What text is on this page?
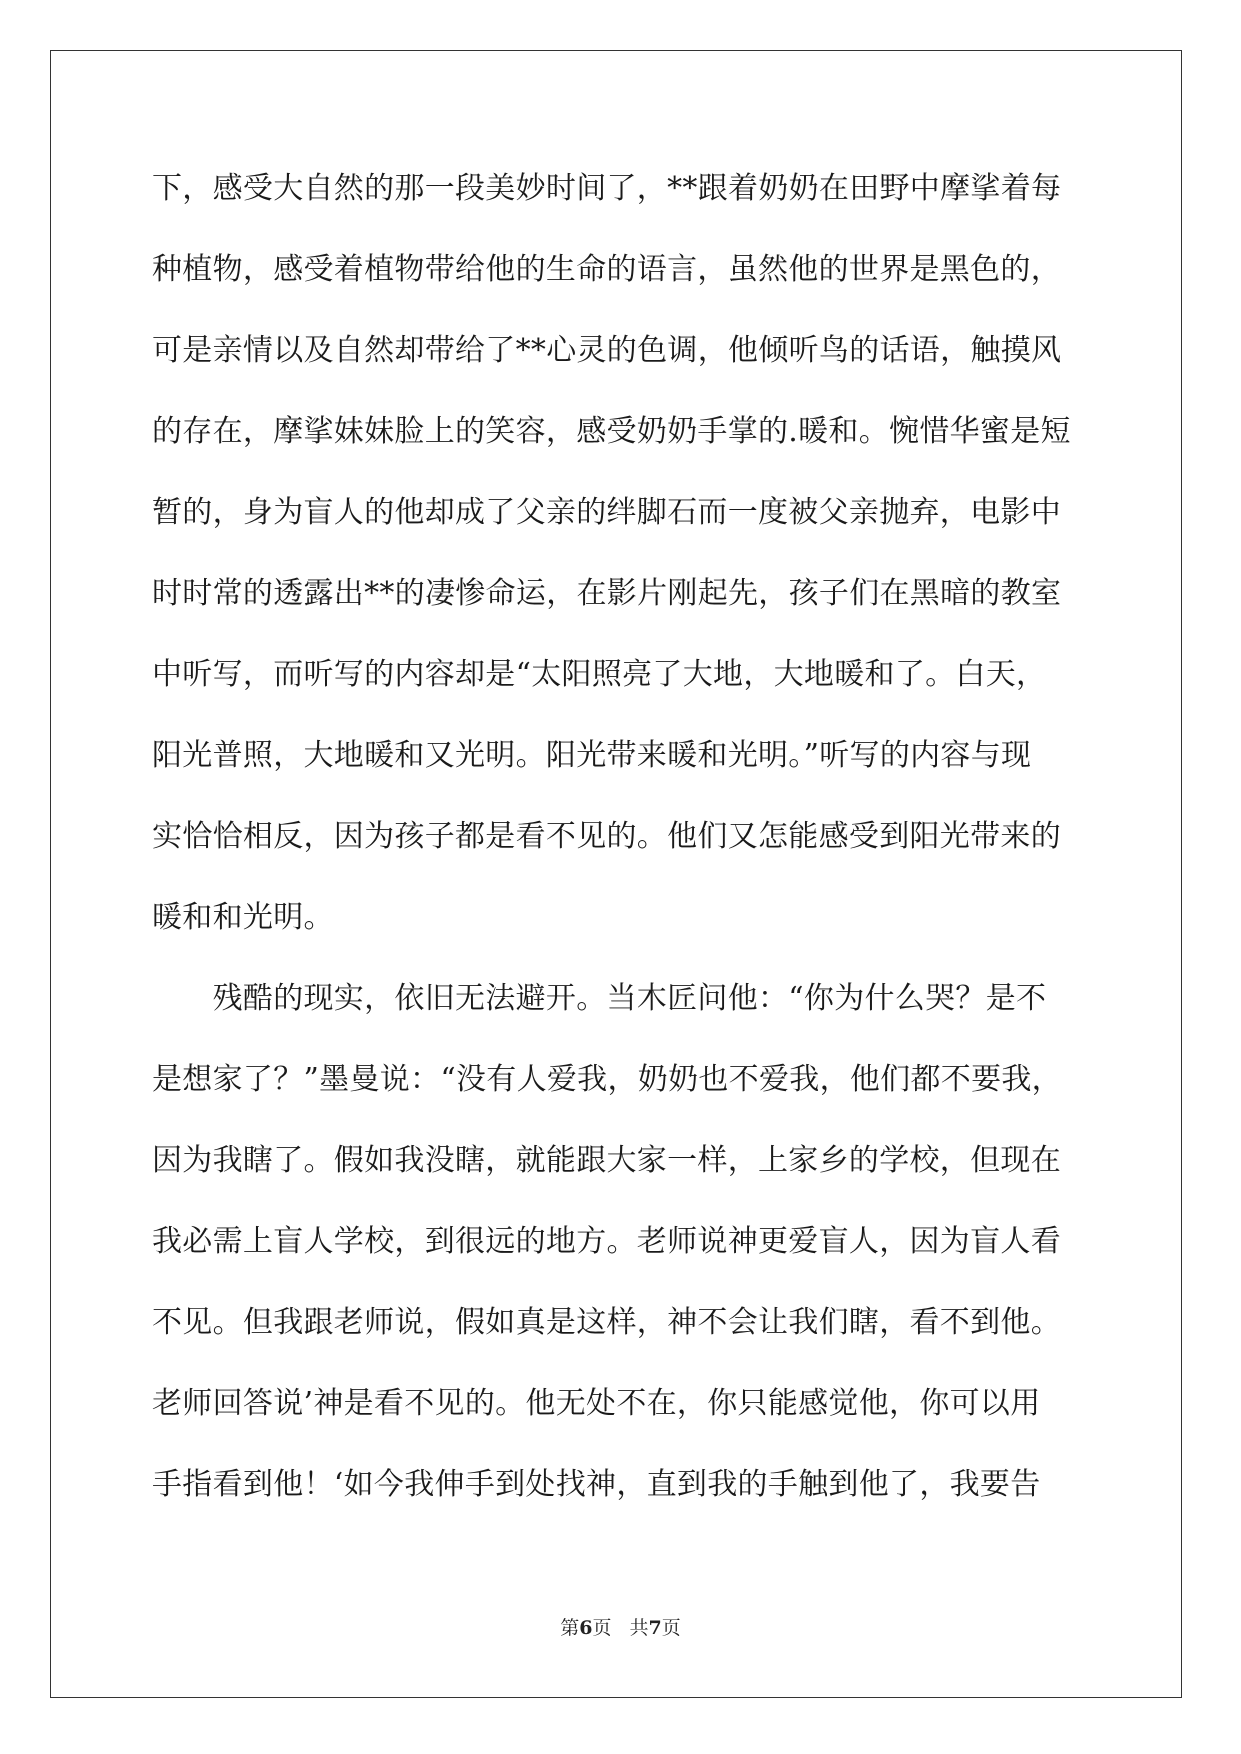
下，感受大自然的那一段美妙时间了，**跟着奶奶在田野中摩挲着每
种植物，感受着植物带给他的生命的语言，虽然他的世界是黑色的，
可是亲情以及自然却带给了**心灵的色调，他倾听鸟的话语，触摸风
的存在，摩挲妹妹脸上的笑容，感受奶奶手掌的.暖和。惋惜华蜜是短
暂的，身为盲人的他却成了父亲的绊脚石而一度被父亲抛弃，电影中
时时常的透露出**的凄惨命运，在影片刚起先，孩子们在黑暗的教室
中听写，而听写的内容却是“太阳照亮了大地，大地暖和了。白天，
阳光普照，大地暖和又光明。阳光带来暖和光明。”听写的内容与现
实恰恰相反，因为孩子都是看不见的。他们又怎能感受到阳光带来的
暖和和光明。
　　残酷的现实，依旧无法避开。当木匠问他：“你为什么哭？是不
是想家了？”墨曼说：“没有人爱我，奶奶也不爱我，他们都不要我，
因为我瞎了。假如我没瞎，就能跟大家一样，上家乡的学校，但现在
我必需上盲人学校，到很远的地方。老师说神更爱盲人，因为盲人看
不见。但我跟老师说，假如真是这样，神不会让我们瞎，看不到他。
老师回答说’神是看不见的。他无处不在，你只能感觉他，你可以用
手指看到他！‘如今我伸手到处找神，直到我的手触到他了，我要告
第6页 共7页
